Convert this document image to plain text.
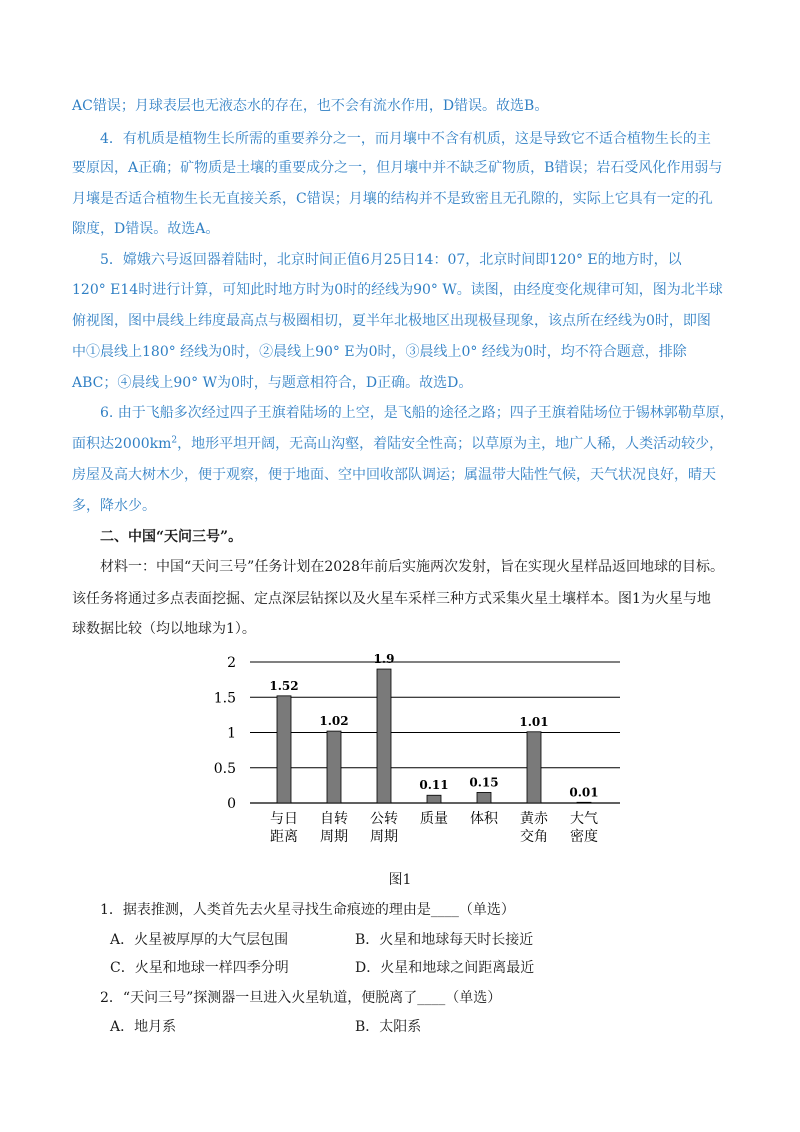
AC错误；月球表层也无液态水的存在，也不会有流水作用，D错误。故选B。
4．有机质是植物生长所需的重要养分之一，而月壤中不含有机质，这是导致它不适合植物生长的主
要原因，A正确；矿物质是土壤的重要成分之一，但月壤中并不缺乏矿物质，B错误；岩石受风化作用弱与
月壤是否适合植物生长无直接关系，C错误；月壤的结构并不是致密且无孔隙的，实际上它具有一定的孔
隙度，D错误。故选A。
5．嫦娥六号返回器着陆时，北京时间正值6月25日14：07，北京时间即120° E的地方时，以
120° E14时进行计算，可知此时地方时为0时的经线为90° W。读图，由经度变化规律可知，图为北半球
俯视图，图中晨线上纬度最高点与极圈相切，夏半年北极地区出现极昼现象，该点所在经线为0时，即图
中①晨线上180° 经线为0时，②晨线上90° E为0时，③晨线上0° 经线为0时，均不符合题意，排除
ABC；④晨线上90° W为0时，与题意相符合，D正确。故选D。
6. 由于飞船多次经过四子王旗着陆场的上空，是飞船的途径之路；四子王旗着陆场位于锡林郭勒草原，
面积达$2000km^2$，地形平坦开阔，无高山沟壑，着陆安全性高；以草原为主，地广人稀，人类活动较少，
房屋及高大树木少，便于观察，便于地面、空中回收部队调运；属温带大陆性气候，天气状况良好，晴天
多，降水少。
二、中国“天问三号”。
材料一：中国“天问三号”任务计划在2028年前后实施两次发射，旨在实现火星样品返回地球的目标。
该任务将通过多点表面挖掘、定点深层钻探以及火星车采样三种方式采集火星土壤样本。图1为火星与地
球数据比较（均以地球为1）。
0
0.5
1
1.5
2
1.52
与日
距离
1.02
自转
周期
1.9
公转
周期
0.11
质量
0.15
体积
1.01
黄赤
交角
0.01
大气
密度
图1
1．据表推测，人类首先去火星寻找生命痕迹的理由是____（单选）
A．火星被厚厚的大气层包围	B．火星和地球每天时长接近
C．火星和地球一样四季分明	D．火星和地球之间距离最近
2．“天问三号”探测器一旦进入火星轨道，便脱离了____（单选）
A．地月系	B．太阳系
